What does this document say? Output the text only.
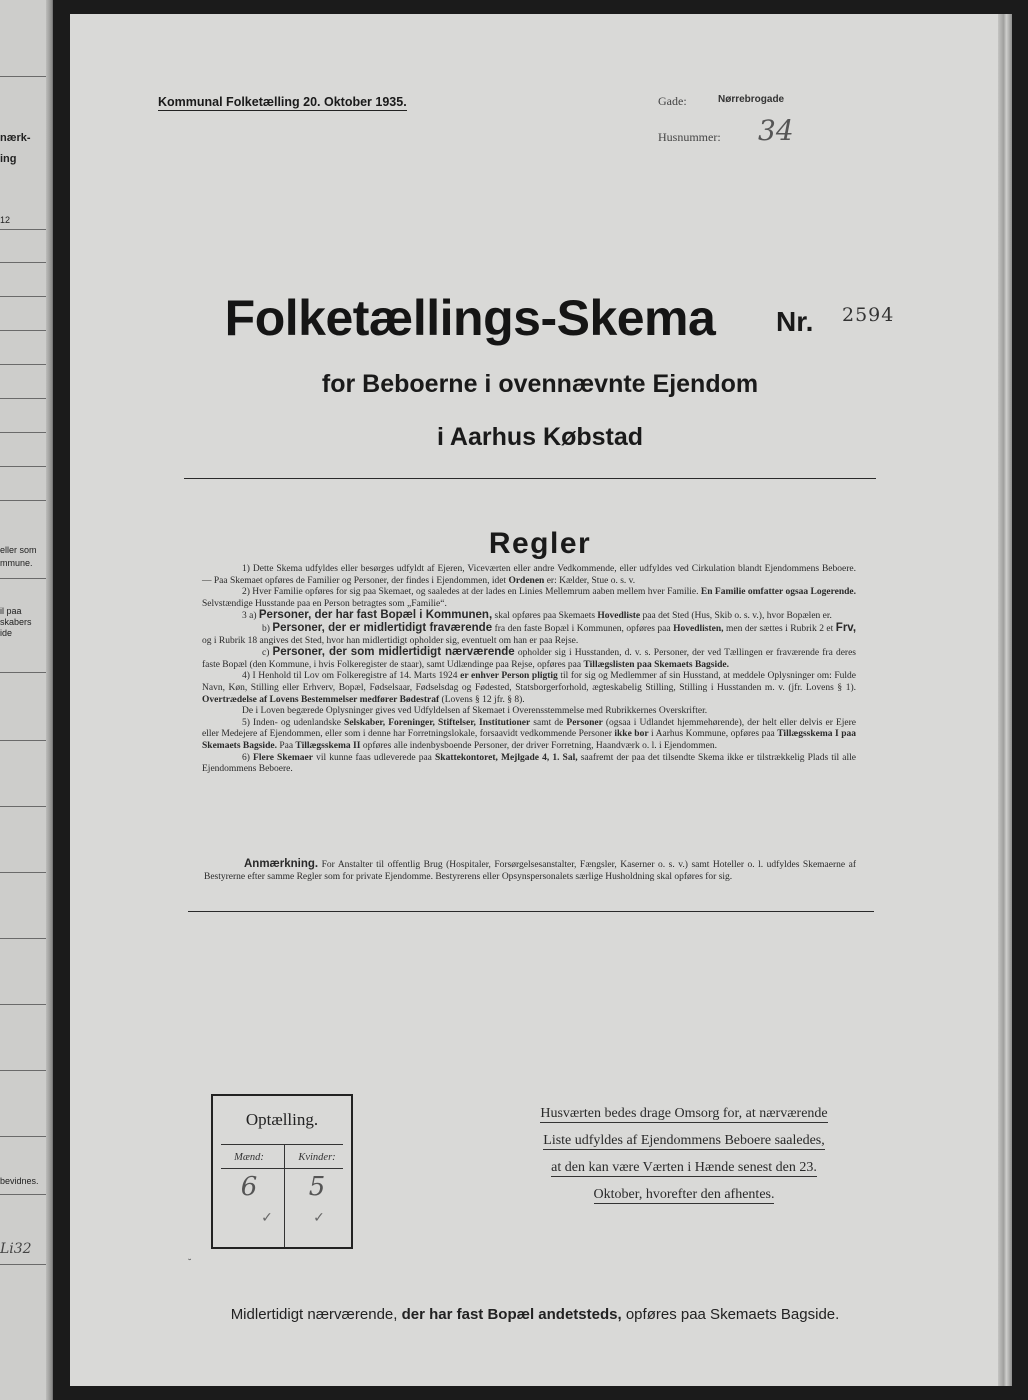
nærk-
ing
12
eller som
mmune.
il paa
skabers
ide
bevidnes.
Li32
Kommunal Folketælling 20. Oktober 1935.	Gade:	Nørrebrogade
Husnummer: 34
Folketællings-Skema	Nr. 2594
for Beboerne i ovennævnte Ejendom
i Aarhus Købstad
Regler

1) Dette Skema udfyldes eller besørges udfyldt af Ejeren, Viceværten eller andre Vedkommende, eller udfyldes ved Cirkulation blandt Ejendommens Beboere. — Paa Skemaet opføres de Familier og Personer, der findes i Ejendommen, idet Ordenen er: Kælder, Stue o. s. v.

2) Hver Familie opføres for sig paa Skemaet, og saaledes at der lades en Linies Mellemrum aaben mellem hver Familie. En Familie omfatter ogsaa Logerende. Selvstændige Husstande paa en Person betragtes som „Familie“.

3 a) Personer, der har fast Bopæl i Kommunen, skal opføres paa Skemaets Hovedliste paa det Sted (Hus, Skib o. s. v.), hvor Bopælen er.

b) Personer, der er midlertidigt fraværende fra den faste Bopæl i Kommunen, opføres paa Hovedlisten, men der sættes i Rubrik 2 et Frv, og i Rubrik 18 angives det Sted, hvor han midlertidigt opholder sig, eventuelt om han er paa Rejse.

c) Personer, der som midlertidigt nærværende opholder sig i Husstanden, d. v. s. Personer, der ved Tællingen er fraværende fra deres faste Bopæl (den Kommune, i hvis Folkeregister de staar), samt Udlændinge paa Rejse, opføres paa Tillægslisten paa Skemaets Bagside.

4) I Henhold til Lov om Folkeregistre af 14. Marts 1924 er enhver Person pligtig til for sig og Medlemmer af sin Husstand, at meddele Oplysninger om: Fulde Navn, Køn, Stilling eller Erhverv, Bopæl, Fødselsaar, Fødselsdag og Fødested, Statsborgerforhold, ægteskabelig Stilling, Stilling i Husstanden m. v. (jfr. Lovens § 1). Overtrædelse af Lovens Bestemmelser medfører Bødestraf (Lovens § 12 jfr. § 8).

De i Loven begærede Oplysninger gives ved Udfyldelsen af Skemaet i Overensstemmelse med Rubrikkernes Overskrifter.

5) Inden- og udenlandske Selskaber, Foreninger, Stiftelser, Institutioner samt de Personer (ogsaa i Udlandet hjemmehørende), der helt eller delvis er Ejere eller Medejere af Ejendommen, eller som i denne har Forretningslokale, forsaavidt vedkommende Personer ikke bor i Aarhus Kommune, opføres paa Tillægsskema I paa Skemaets Bagside. Paa Tillægsskema II opføres alle indenbysboende Personer, der driver Forretning, Haandværk o. l. i Ejendommen.

6) Flere Skemaer vil kunne faas udleverede paa Skattekontoret, Mejlgade 4, 1. Sal, saafremt der paa det tilsendte Skema ikke er tilstrækkelig Plads til alle Ejendommens Beboere.

Anmærkning. For Anstalter til offentlig Brug (Hospitaler, Forsørgelsesanstalter, Fængsler, Kaserner o. s. v.) samt Hoteller o. l. udfyldes Skemaerne af Bestyrerne efter samme Regler som for private Ejendomme. Bestyrerens eller Opsynspersonalets særlige Husholdning skal opføres for sig.
Optælling.
Mænd:	Kvinder:
6	5
✓	✓
˘
Husværten bedes drage Omsorg for, at nærværende
Liste udfyldes af Ejendommens Beboere saaledes,
at den kan være Værten i Hænde senest den 23.
Oktober, hvorefter den afhentes.
Midlertidigt nærværende, der har fast Bopæl andetsteds, opføres paa Skemaets Bagside.
